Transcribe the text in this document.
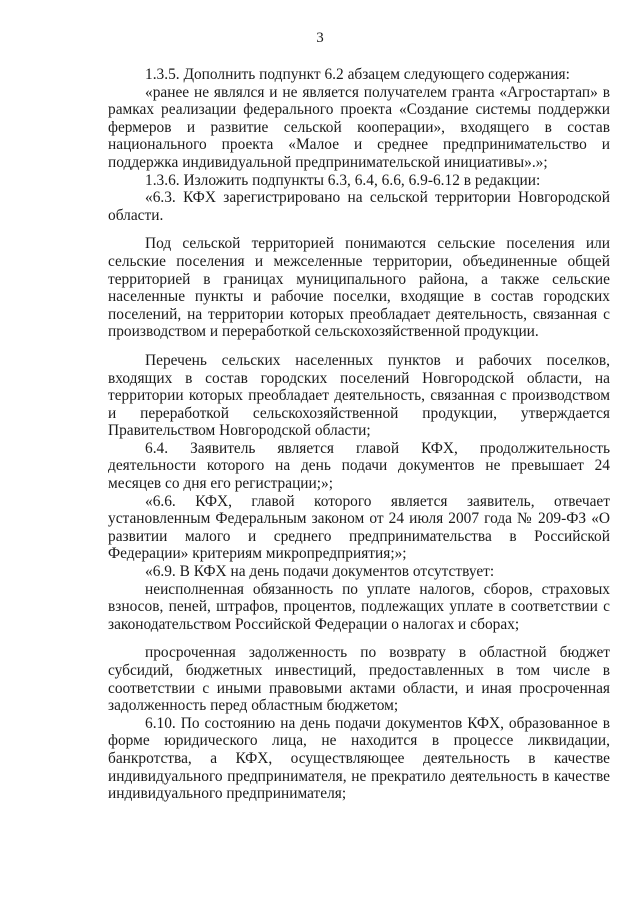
3

1.3.5. Дополнить подпункт 6.2 абзацем следующего содержания:

«ранее не являлся и не является получателем гранта «Агростартап» в рамках реализации федерального проекта «Создание системы поддержки фермеров и развитие сельской кооперации», входящего в состав национального проекта «Малое и среднее предпринимательство и поддержка индивидуальной предпринимательской инициативы».»;

1.3.6. Изложить подпункты 6.3, 6.4, 6.6, 6.9-6.12 в редакции:

«6.3. КФХ зарегистрировано на сельской территории Новгородской области.

Под сельской территорией понимаются сельские поселения или сельские поселения и межселенные территории, объединенные общей территорией в границах муниципального района, а также сельские населенные пункты и рабочие поселки, входящие в состав городских поселений, на территории которых преобладает деятельность, связанная с производством и переработкой сельскохозяйственной продукции.

Перечень сельских населенных пунктов и рабочих поселков, входящих в состав городских поселений Новгородской области, на территории которых преобладает деятельность, связанная с производством и переработкой сельскохозяйственной продукции, утверждается Правительством Новгородской области;

6.4. Заявитель является главой КФХ, продолжительность деятельности которого на день подачи документов не превышает 24 месяцев со дня его регистрации;»;

«6.6. КФХ, главой которого является заявитель, отвечает установленным Федеральным законом от 24 июля 2007 года № 209-ФЗ «О развитии малого и среднего предпринимательства в Российской Федерации» критериям микропредприятия;»;

«6.9. В КФХ на день подачи документов отсутствует:

неисполненная обязанность по уплате налогов, сборов, страховых взносов, пеней, штрафов, процентов, подлежащих уплате в соответствии с законодательством Российской Федерации о налогах и сборах;

просроченная задолженность по возврату в областной бюджет субсидий, бюджетных инвестиций, предоставленных в том числе в соответствии с иными правовыми актами области, и иная просроченная задолженность перед областным бюджетом;

6.10. По состоянию на день подачи документов КФХ, образованное в форме юридического лица, не находится в процессе ликвидации, банкротства, а КФХ, осуществляющее деятельность в качестве индивидуального предпринимателя, не прекратило деятельность в качестве индивидуального предпринимателя;
